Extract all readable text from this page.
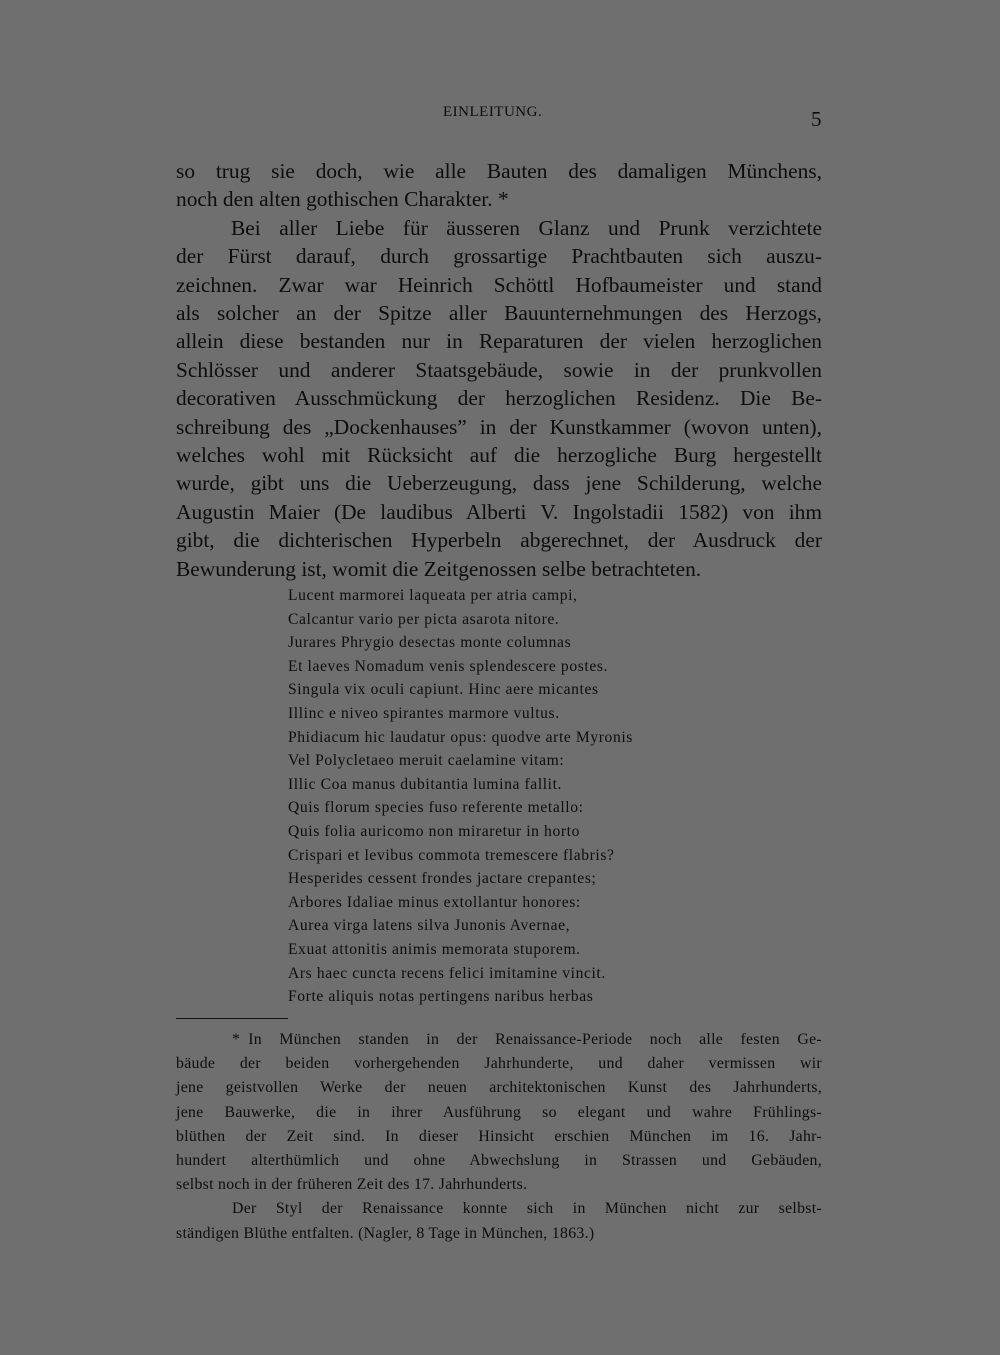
EINLEITUNG.	5
so trug sie doch, wie alle Bauten des damaligen Münchens,
noch den alten gothischen Charakter. *
Bei aller Liebe für äusseren Glanz und Prunk verzichtete
der Fürst darauf, durch grossartige Prachtbauten sich auszu-
zeichnen. Zwar war Heinrich Schöttl Hofbaumeister und stand
als solcher an der Spitze aller Bauunternehmungen des Herzogs,
allein diese bestanden nur in Reparaturen der vielen herzoglichen
Schlösser und anderer Staatsgebäude, sowie in der prunkvollen
decorativen Ausschmückung der herzoglichen Residenz. Die Be-
schreibung des „Dockenhauses” in der Kunstkammer (wovon unten),
welches wohl mit Rücksicht auf die herzogliche Burg hergestellt
wurde, gibt uns die Ueberzeugung, dass jene Schilderung, welche
Augustin Maier (De laudibus Alberti V. Ingolstadii 1582) von ihm
gibt, die dichterischen Hyperbeln abgerechnet, der Ausdruck der
Bewunderung ist, womit die Zeitgenossen selbe betrachteten.
Lucent marmorei laqueata per atria campi,
Calcantur vario per picta asarota nitore.
Jurares Phrygio desectas monte columnas
Et laeves Nomadum venis splendescere postes.
Singula vix oculi capiunt. Hinc aere micantes
Illinc e niveo spirantes marmore vultus.
Phidiacum hic laudatur opus: quodve arte Myronis
Vel Polycletaeo meruit caelamine vitam:
Illic Coa manus dubitantia lumina fallit.
Quis florum species fuso referente metallo:
Quis folia auricomo non miraretur in horto
Crispari et levibus commota tremescere flabris?
Hesperides cessent frondes jactare crepantes;
Arbores Idaliae minus extollantur honores:
Aurea virga latens silva Junonis Avernae,
Exuat attonitis animis memorata stuporem.
Ars haec cuncta recens felici imitamine vincit.
Forte aliquis notas pertingens naribus herbas
* In München standen in der Renaissance-Periode noch alle festen Ge-
bäude der beiden vorhergehenden Jahrhunderte, und daher vermissen wir
jene geistvollen Werke der neuen architektonischen Kunst des Jahrhunderts,
jene Bauwerke, die in ihrer Ausführung so elegant und wahre Frühlings-
blüthen der Zeit sind. In dieser Hinsicht erschien München im 16. Jahr-
hundert alterthümlich und ohne Abwechslung in Strassen und Gebäuden,
selbst noch in der früheren Zeit des 17. Jahrhunderts.
Der Styl der Renaissance konnte sich in München nicht zur selbst-
ständigen Blüthe entfalten. (Nagler, 8 Tage in München, 1863.)
